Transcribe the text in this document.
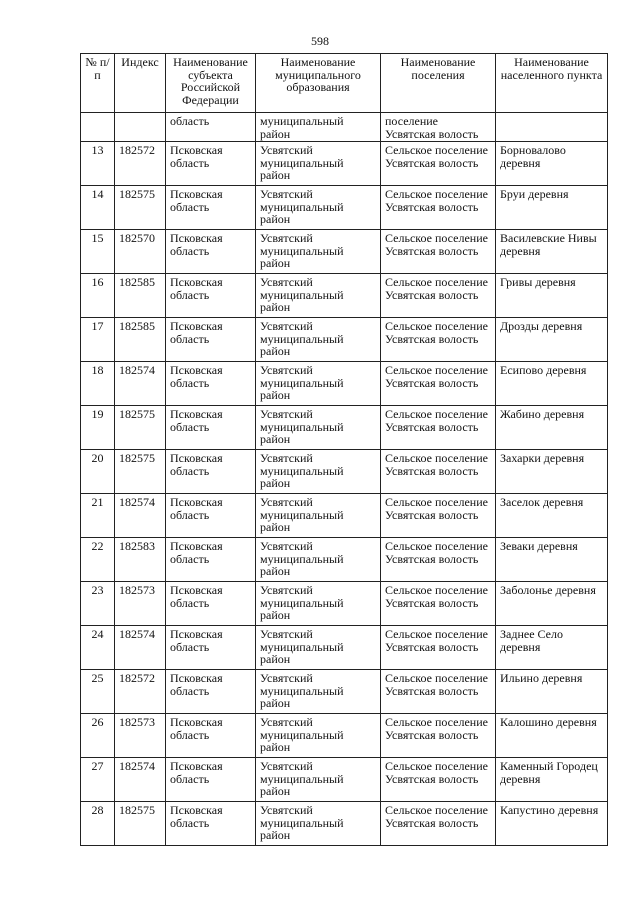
598
№ п/п	Индекс	Наименование субъекта Российской Федерации	Наименование муниципального образования	Наименование поселения	Наименование населенного пункта
		область	муниципальный район	поселение Усвятская волость	
13	182572	Псковская область	Усвятский муниципальный район	Сельское поселение Усвятская волость	Борновалово деревня
14	182575	Псковская область	Усвятский муниципальный район	Сельское поселение Усвятская волость	Бруи деревня
15	182570	Псковская область	Усвятский муниципальный район	Сельское поселение Усвятская волость	Василевские Нивы деревня
16	182585	Псковская область	Усвятский муниципальный район	Сельское поселение Усвятская волость	Гривы деревня
17	182585	Псковская область	Усвятский муниципальный район	Сельское поселение Усвятская волость	Дрозды деревня
18	182574	Псковская область	Усвятский муниципальный район	Сельское поселение Усвятская волость	Есипово деревня
19	182575	Псковская область	Усвятский муниципальный район	Сельское поселение Усвятская волость	Жабино деревня
20	182575	Псковская область	Усвятский муниципальный район	Сельское поселение Усвятская волость	Захарки деревня
21	182574	Псковская область	Усвятский муниципальный район	Сельское поселение Усвятская волость	Заселок деревня
22	182583	Псковская область	Усвятский муниципальный район	Сельское поселение Усвятская волость	Зеваки деревня
23	182573	Псковская область	Усвятский муниципальный район	Сельское поселение Усвятская волость	Заболонье деревня
24	182574	Псковская область	Усвятский муниципальный район	Сельское поселение Усвятская волость	Заднее Село деревня
25	182572	Псковская область	Усвятский муниципальный район	Сельское поселение Усвятская волость	Ильино деревня
26	182573	Псковская область	Усвятский муниципальный район	Сельское поселение Усвятская волость	Калошино деревня
27	182574	Псковская область	Усвятский муниципальный район	Сельское поселение Усвятская волость	Каменный Городец деревня
28	182575	Псковская область	Усвятский муниципальный район	Сельское поселение Усвятская волость	Капустино деревня
